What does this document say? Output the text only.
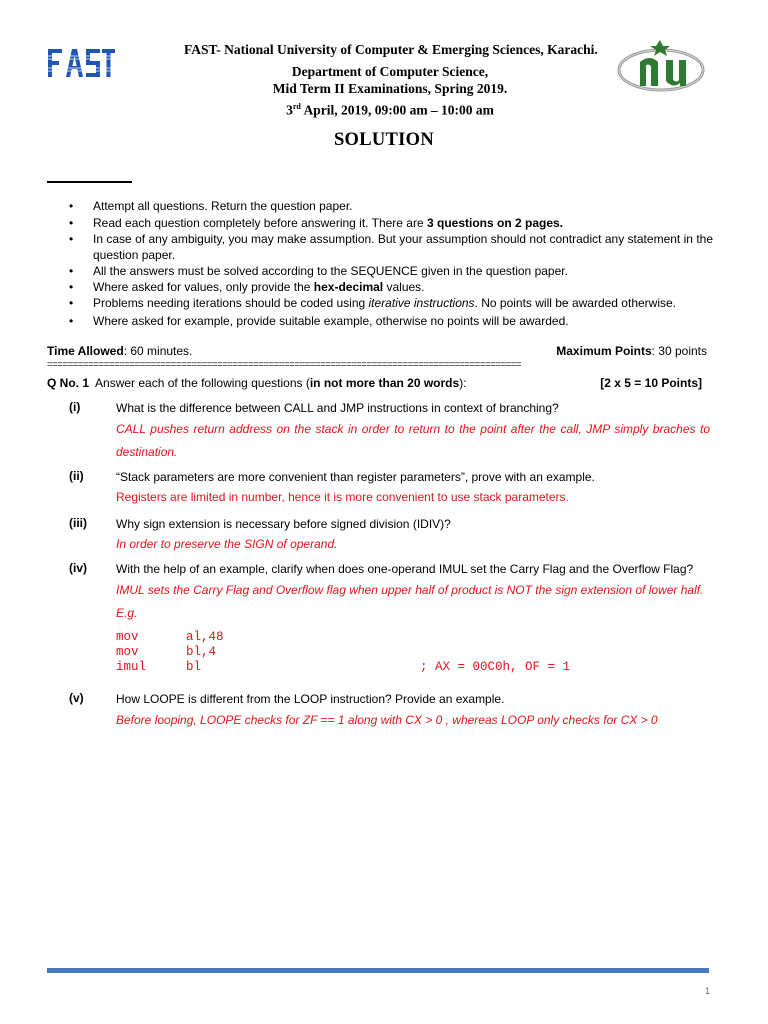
FAST- National University of Computer & Emerging Sciences, Karachi.
Department of Computer Science,
Mid Term II Examinations, Spring 2019.
3rd April, 2019, 09:00 am – 10:00 am
SOLUTION
• Attempt all questions. Return the question paper.
• Read each question completely before answering it. There are 3 questions on 2 pages.
• In case of any ambiguity, you may make assumption. But your assumption should not contradict any statement in the question paper.
• All the answers must be solved according to the SEQUENCE given in the question paper.
• Where asked for values, only provide the hex-decimal values.
• Problems needing iterations should be coded using iterative instructions. No points will be awarded otherwise.
• Where asked for example, provide suitable example, otherwise no points will be awarded.
Time Allowed: 60 minutes.	Maximum Points: 30 points
============================================================================================
Q No. 1 Answer each of the following questions (in not more than 20 words):	[2 x 5 = 10 Points]
(i)	What is the difference between CALL and JMP instructions in context of branching?
CALL pushes return address on the stack in order to return to the point after the call, JMP simply braches to destination.
(ii)	“Stack parameters are more convenient than register parameters”, prove with an example.
Registers are limited in number, hence it is more convenient to use stack parameters.
(iii) Why sign extension is necessary before signed division (IDIV)?
In order to preserve the SIGN of operand.
(iv) With the help of an example, clarify when does one-operand IMUL set the Carry Flag and the Overflow Flag?
IMUL sets the Carry Flag and Overflow flag when upper half of product is NOT the sign extension of lower half.
E.g.
mov	al,48
mov	bl,4
imul	bl	; AX = 00C0h, OF = 1
(v)	How LOOPE is different from the LOOP instruction? Provide an example.
Before looping, LOOPE checks for ZF == 1 along with CX > 0 , whereas LOOP only checks for CX > 0
1
